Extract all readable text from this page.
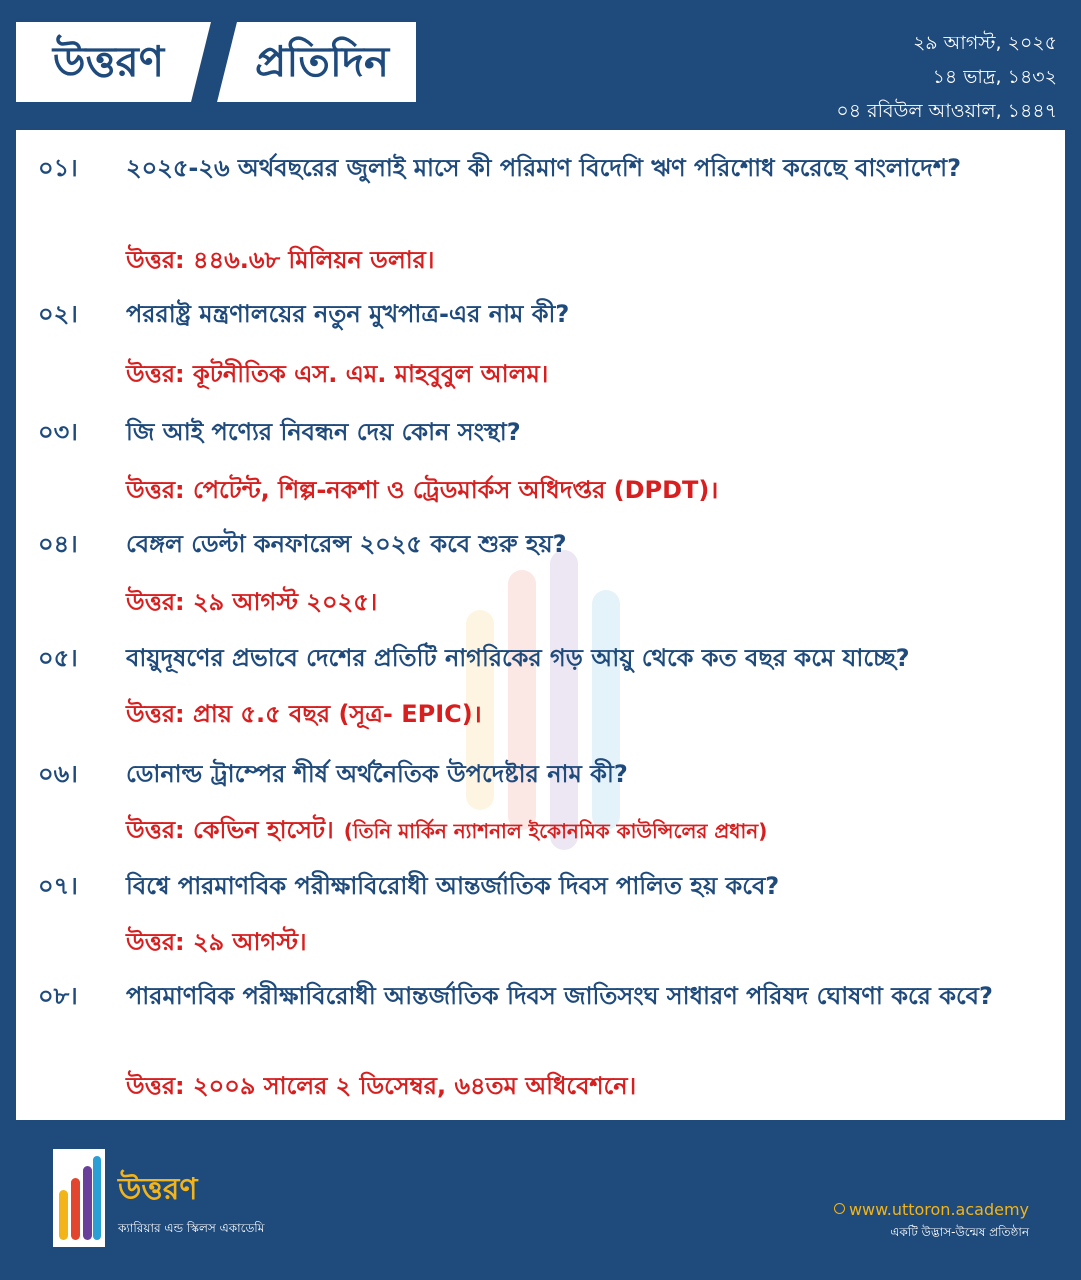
উত্তরণ	প্রতিদিন	২৯ আগস্ট, ২০২৫
১৪ ভাদ্র, ১৪৩২
০৪ রবিউল আওয়াল, ১৪৪৭
০১।	২০২৫-২৬ অর্থবছরের জুলাই মাসে কী পরিমাণ বিদেশি ঋণ পরিশোধ করেছে বাংলাদেশ?
উত্তর: ৪৪৬.৬৮ মিলিয়ন ডলার।
০২।	পররাষ্ট্র মন্ত্রণালয়ের নতুন মুখপাত্র-এর নাম কী?
উত্তর: কূটনীতিক এস. এম. মাহবুবুল আলম।
০৩।	জি আই পণ্যের নিবন্ধন দেয় কোন সংস্থা?
উত্তর: পেটেন্ট, শিল্প-নকশা ও ট্রেডমার্কস অধিদপ্তর (DPDT)।
০৪।	বেঙ্গল ডেল্টা কনফারেন্স ২০২৫ কবে শুরু হয়?
উত্তর: ২৯ আগস্ট ২০২৫।
০৫।	বায়ুদূষণের প্রভাবে দেশের প্রতিটি নাগরিকের গড় আয়ু থেকে কত বছর কমে যাচ্ছে?
উত্তর: প্রায় ৫.৫ বছর (সূত্র- EPIC)।
০৬।	ডোনাল্ড ট্রাম্পের শীর্ষ অর্থনৈতিক উপদেষ্টার নাম কী?
উত্তর: কেভিন হাসেট। (তিনি মার্কিন ন্যাশনাল ইকোনমিক কাউন্সিলের প্রধান)
০৭।	বিশ্বে পারমাণবিক পরীক্ষাবিরোধী আন্তর্জাতিক দিবস পালিত হয় কবে?
উত্তর: ২৯ আগস্ট।
০৮।	পারমাণবিক পরীক্ষাবিরোধী আন্তর্জাতিক দিবস জাতিসংঘ সাধারণ পরিষদ ঘোষণা করে কবে?
উত্তর: ২০০৯ সালের ২ ডিসেম্বর, ৬৪তম অধিবেশনে।
উত্তরণ
ক্যারিয়ার এন্ড স্কিলস একাডেমি
www.uttoron.academy
একটি উদ্ভাস-উন্মেষ প্রতিষ্ঠান
